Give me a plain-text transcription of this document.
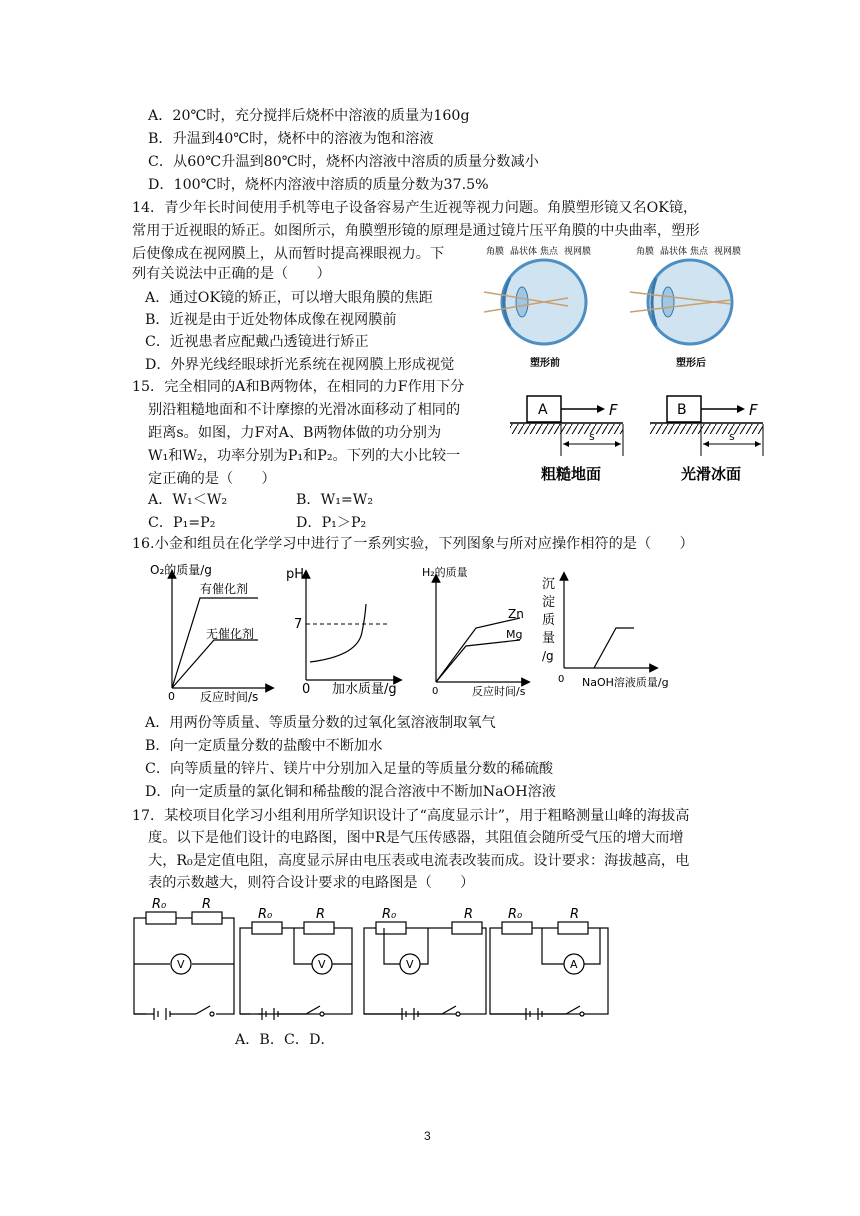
A．20℃时，充分搅拌后烧杯中溶液的质量为160g
B．升温到40℃时，烧杯中的溶液为饱和溶液
C．从60℃升温到80℃时，烧杯内溶液中溶质的质量分数减小
D．100℃时，烧杯内溶液中溶质的质量分数为37.5%
14．青少年长时间使用手机等电子设备容易产生近视等视力问题。角膜塑形镜又名OK镜，
常用于近视眼的矫正。如图所示，角膜塑形镜的原理是通过镜片压平角膜的中央曲率，塑形
后使像成在视网膜上，从而暂时提高裸眼视力。下
列有关说法中正确的是（　　）
A．通过OK镜的矫正，可以增大眼角膜的焦距
B．近视是由于近处物体成像在视网膜前
C．近视患者应配戴凸透镜进行矫正
D．外界光线经眼球折光系统在视网膜上形成视觉
角膜 晶状体 焦点 视网膜
塑形前
角膜 晶状体 焦点 视网膜
塑形后
15．完全相同的A和B两物体，在相同的力F作用下分
别沿粗糙地面和不计摩擦的光滑冰面移动了相同的
距离s。如图，力F对A、B两物体做的功分别为
W₁和W₂，功率分别为P₁和P₂。下列的大小比较一
定正确的是（　　）
A．W₁＜W₂	B．W₁=W₂
C．P₁=P₂	D．P₁＞P₂
A	F
s
粗糙地面
B	F
s
光滑冰面
16.小金和组员在化学学习中进行了一系列实验，下列图象与所对应操作相符的是（　　）
O₂的质量/g
有催化剂
无催化剂
0 反应时间/s
pH
7
0 加水质量/g
H₂的质量
Zn
Mg
0	反应时间/s
沉
淀
质
量
/g
0 NaOH溶液质量/g
A．用两份等质量、等质量分数的过氧化氢溶液制取氧气
B．向一定质量分数的盐酸中不断加水
C．向等质量的锌片、镁片中分别加入足量的等质量分数的稀硫酸
D．向一定质量的氯化铜和稀盐酸的混合溶液中不断加NaOH溶液
17．某校项目化学习小组利用所学知识设计了“高度显示计”，用于粗略测量山峰的海拔高
度。以下是他们设计的电路图，图中R是气压传感器，其阻值会随所受气压的增大而增
大，R₀是定值电阻，高度显示屏由电压表或电流表改装而成。设计要求：海拔越高，电
表的示数越大，则符合设计要求的电路图是（　　）
R₀	R
R₀	R	R₀	R	R₀	R
V	V	V	A
A．B．C．D．
3
